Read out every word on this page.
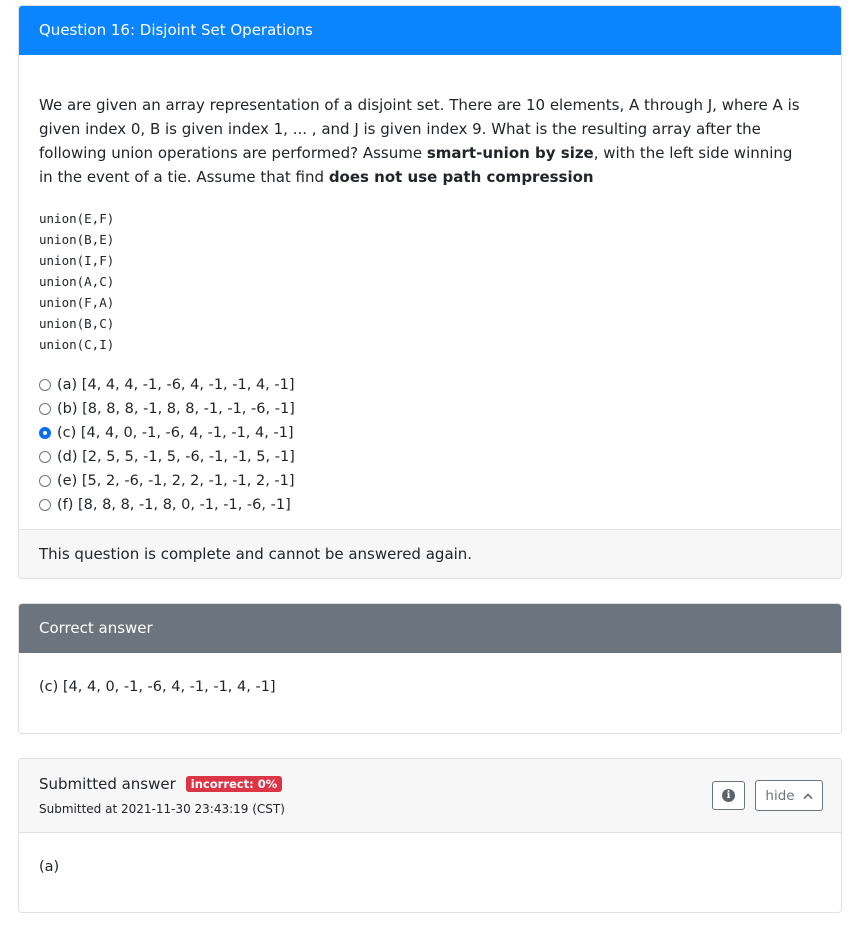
Question 16: Disjoint Set Operations

We are given an array representation of a disjoint set. There are 10 elements, A through J, where A is given index 0, B is given index 1, ... , and J is given index 9. What is the resulting array after the following union operations are performed? Assume smart-union by size, with the left side winning in the event of a tie. Assume that find does not use path compression

union(E,F)
union(B,E)
union(I,F)
union(A,C)
union(F,A)
union(B,C)
union(C,I)
(a) [4, 4, 4, -1, -6, 4, -1, -1, 4, -1]
(b) [8, 8, 8, -1, 8, 8, -1, -1, -6, -1]
(c) [4, 4, 0, -1, -6, 4, -1, -1, 4, -1]
(d) [2, 5, 5, -1, 5, -6, -1, -1, 5, -1]
(e) [5, 2, -6, -1, 2, 2, -1, -1, 2, -1]
(f) [8, 8, 8, -1, 8, 0, -1, -1, -6, -1]
This question is complete and cannot be answered again.
Correct answer
(c) [4, 4, 0, -1, -6, 4, -1, -1, 4, -1]
Submitted answer	incorrect: 0%
Submitted at 2021-11-30 23:43:19 (CST)
i	hide
(a)
